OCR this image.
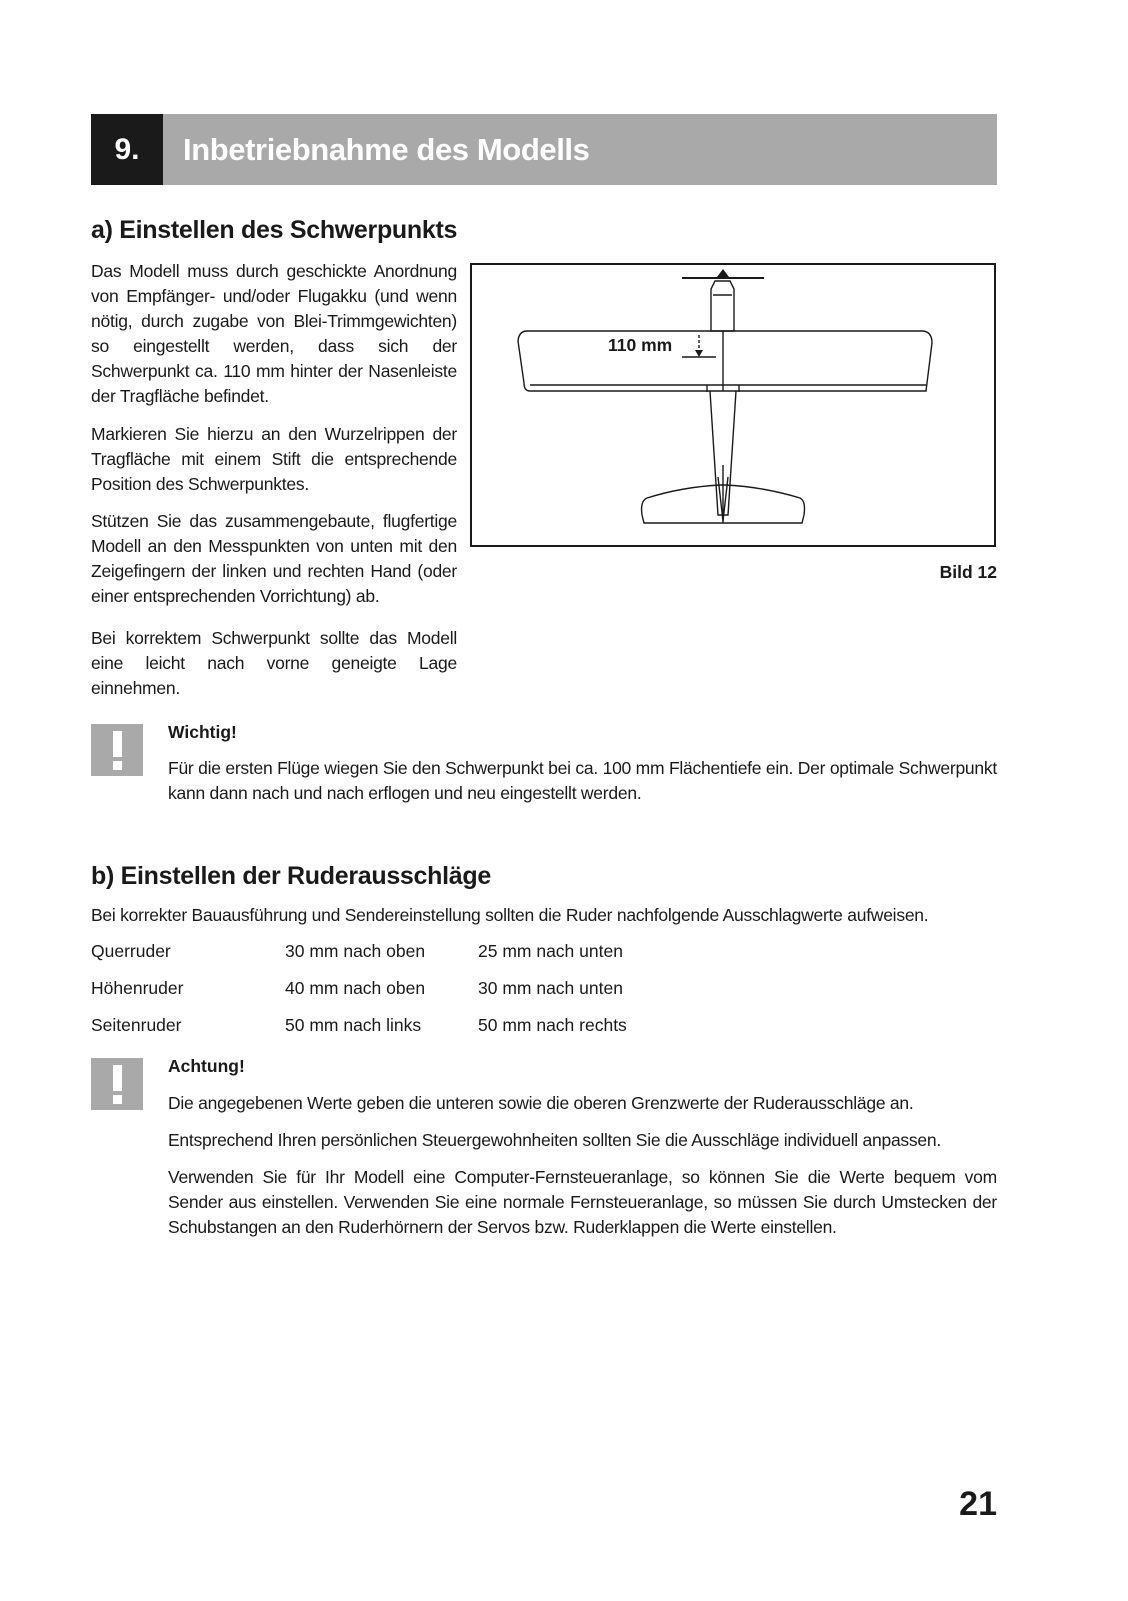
9.	Inbetriebnahme des Modells
a) Einstellen des Schwerpunkts

Das Modell muss durch geschickte Anordnung von Empfänger- und/oder Flugakku (und wenn nötig, durch zugabe von Blei-Trimmgewichten) so eingestellt werden, dass sich der Schwerpunkt ca. 110 mm hinter der Nasenleiste der Tragfläche befindet.

Markieren Sie hierzu an den Wurzelrippen der Tragfläche mit einem Stift die entsprechende Position des Schwerpunktes.

Stützen Sie das zusammengebaute, flugfertige Modell an den Messpunkten von unten mit den Zeigefingern der linken und rechten Hand (oder einer entsprechenden Vorrichtung) ab.

Bei korrektem Schwerpunkt sollte das Modell eine leicht nach vorne geneigte Lage einnehmen.

110 mm
Bild 12
Wichtig!

Für die ersten Flüge wiegen Sie den Schwerpunkt bei ca. 100 mm Flächentiefe ein. Der optimale Schwerpunkt kann dann nach und nach erflogen und neu eingestellt werden.

b) Einstellen der Ruderausschläge

Bei korrekter Bauausführung und Sendereinstellung sollten die Ruder nachfolgende Ausschlagwerte aufweisen.

Querruder	30 mm nach oben	25 mm nach unten
Höhenruder	40 mm nach oben	30 mm nach unten
Seitenruder	50 mm nach links	50 mm nach rechts
Achtung!

Die angegebenen Werte geben die unteren sowie die oberen Grenzwerte der Ruderausschläge an.

Entsprechend Ihren persönlichen Steuergewohnheiten sollten Sie die Ausschläge individuell anpassen.

Verwenden Sie für Ihr Modell eine Computer-Fernsteueranlage, so können Sie die Werte bequem vom Sender aus einstellen. Verwenden Sie eine normale Fernsteueranlage, so müssen Sie durch Umstecken der Schubstangen an den Ruderhörnern der Servos bzw. Ruderklappen die Werte einstellen.

21
